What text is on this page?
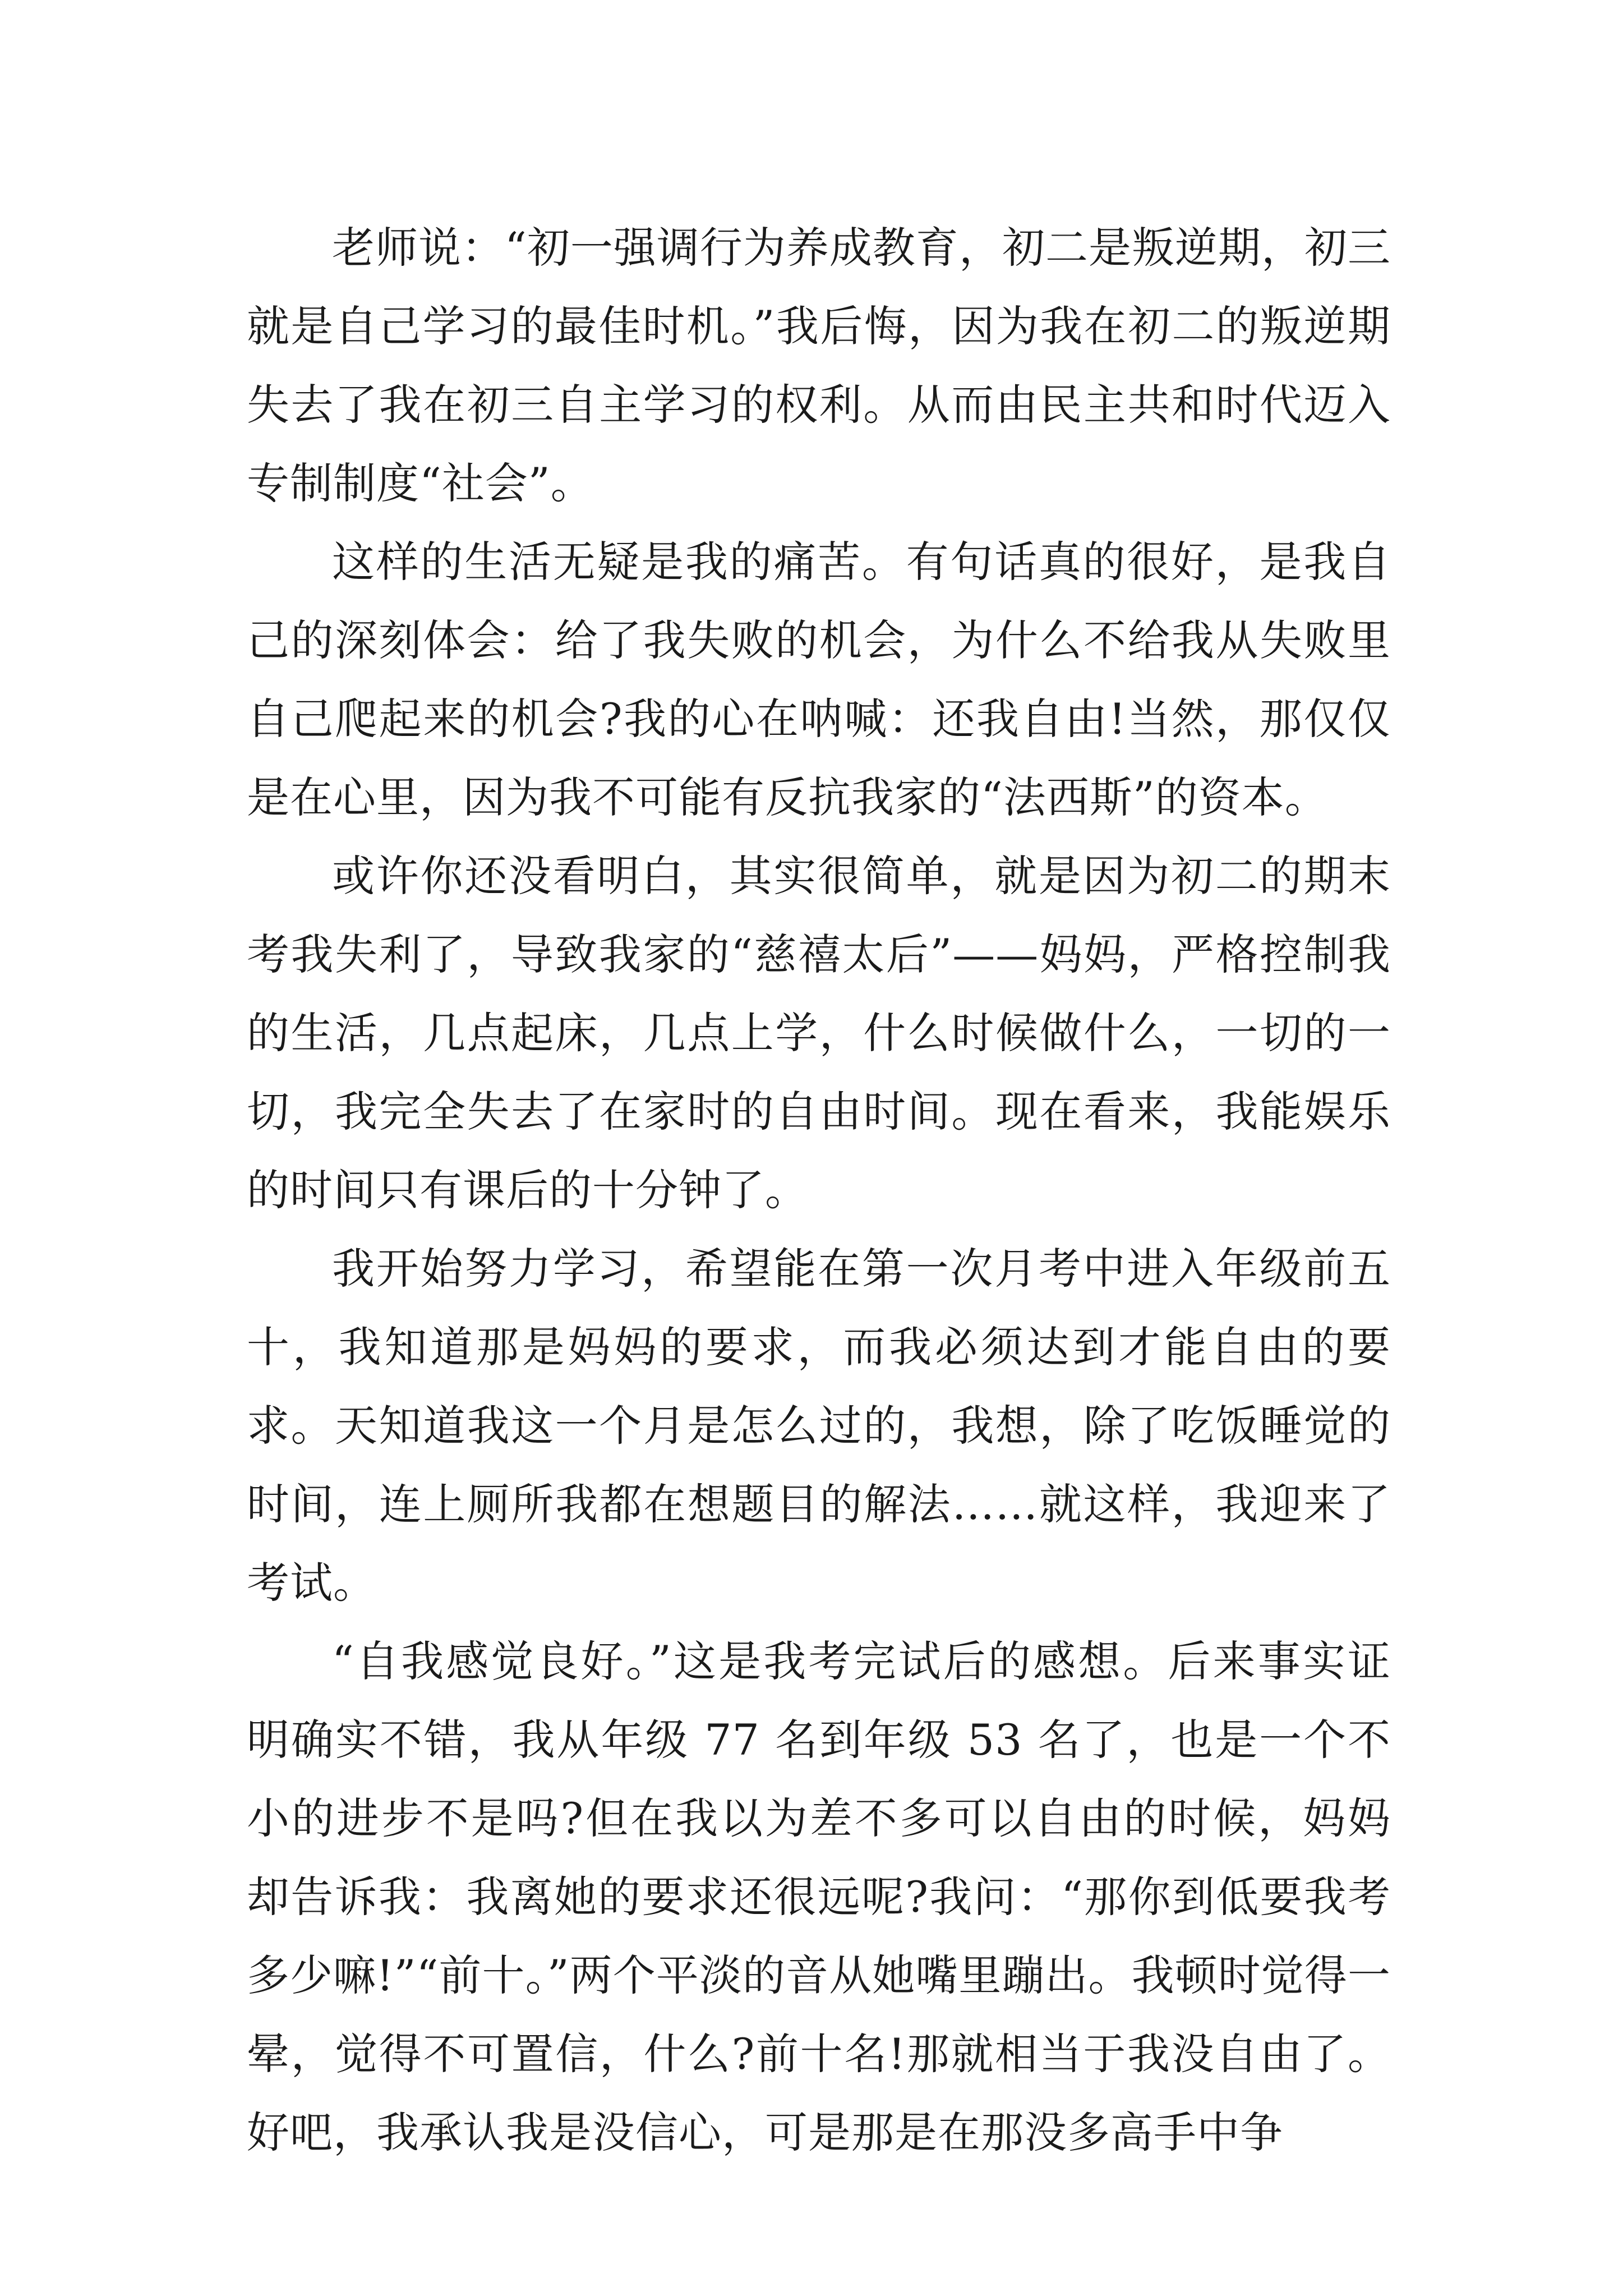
老师说：“初一强调行为养成教育，初二是叛逆期，初三就是自己学习的最佳时机。”我后悔，因为我在初二的叛逆期失去了我在初三自主学习的权利。从而由民主共和时代迈入专制制度“社会”。

这样的生活无疑是我的痛苦。有句话真的很好，是我自己的深刻体会：给了我失败的机会，为什么不给我从失败里自己爬起来的机会?我的心在呐喊：还我自由!当然，那仅仅是在心里，因为我不可能有反抗我家的“法西斯”的资本。

或许你还没看明白，其实很简单，就是因为初二的期末考我失利了，导致我家的“慈禧太后”——妈妈，严格控制我的生活，几点起床，几点上学，什么时候做什么，一切的一切，我完全失去了在家时的自由时间。现在看来，我能娱乐的时间只有课后的十分钟了。

我开始努力学习，希望能在第一次月考中进入年级前五十，我知道那是妈妈的要求，而我必须达到才能自由的要求。天知道我这一个月是怎么过的，我想，除了吃饭睡觉的时间，连上厕所我都在想题目的解法……就这样，我迎来了考试。

“自我感觉良好。”这是我考完试后的感想。后来事实证明确实不错，我从年级 77 名到年级 53 名了，也是一个不小的进步不是吗?但在我以为差不多可以自由的时候，妈妈却告诉我：我离她的要求还很远呢?我问：“那你到低要我考多少嘛!”“前十。”两个平淡的音从她嘴里蹦出。我顿时觉得一晕，觉得不可置信，什么?前十名!那就相当于我没自由了。好吧，我承认我是没信心，可是那是在那没多高手中争
